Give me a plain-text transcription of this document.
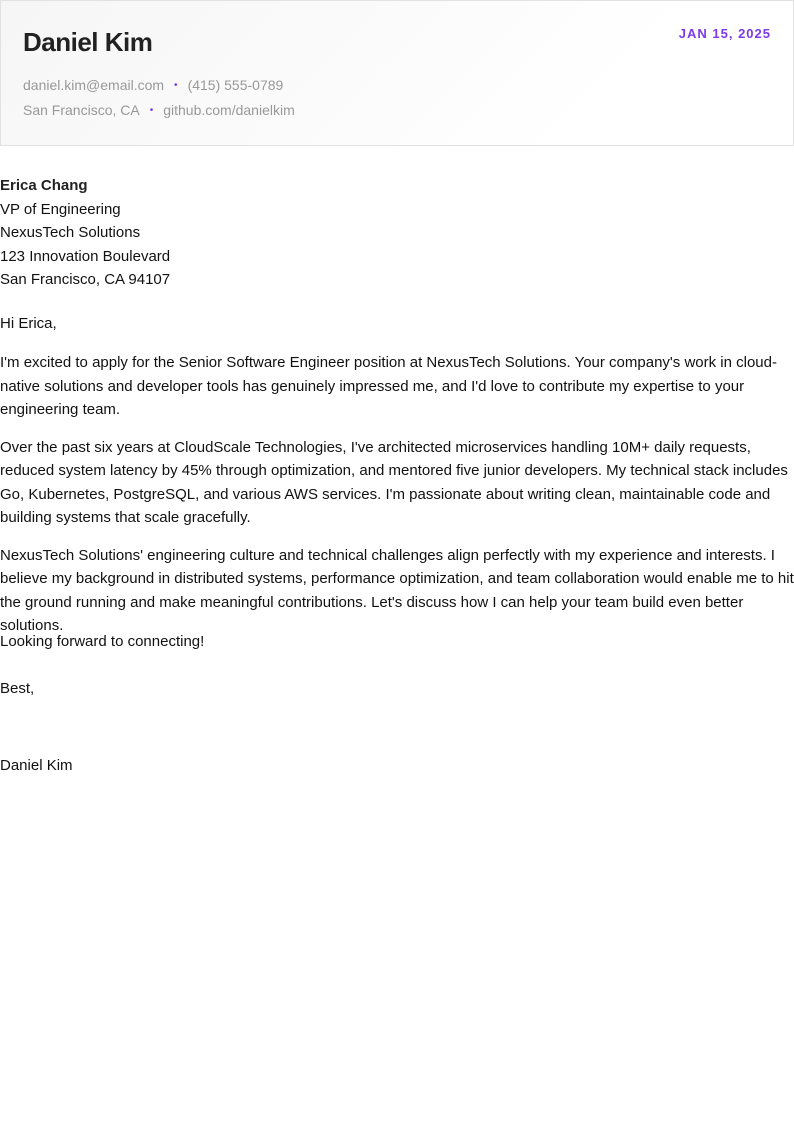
Daniel Kim	JAN 15, 2025
daniel.kim@email.com • (415) 555-0789
San Francisco, CA • github.com/danielkim
Erica Chang
VP of Engineering
NexusTech Solutions
123 Innovation Boulevard
San Francisco, CA 94107
Hi Erica,

I'm excited to apply for the Senior Software Engineer position at NexusTech Solutions. Your company's work in cloud-native solutions and developer tools has genuinely impressed me, and I'd love to contribute my expertise to your engineering team.

Over the past six years at CloudScale Technologies, I've architected microservices handling 10M+ daily requests, reduced system latency by 45% through optimization, and mentored five junior developers. My technical stack includes Go, Kubernetes, PostgreSQL, and various AWS services. I'm passionate about writing clean, maintainable code and building systems that scale gracefully.

NexusTech Solutions' engineering culture and technical challenges align perfectly with my experience and interests. I believe my background in distributed systems, performance optimization, and team collaboration would enable me to hit the ground running and make meaningful contributions. Let's discuss how I can help your team build even better solutions.

Looking forward to connecting!
Best,
Daniel Kim
